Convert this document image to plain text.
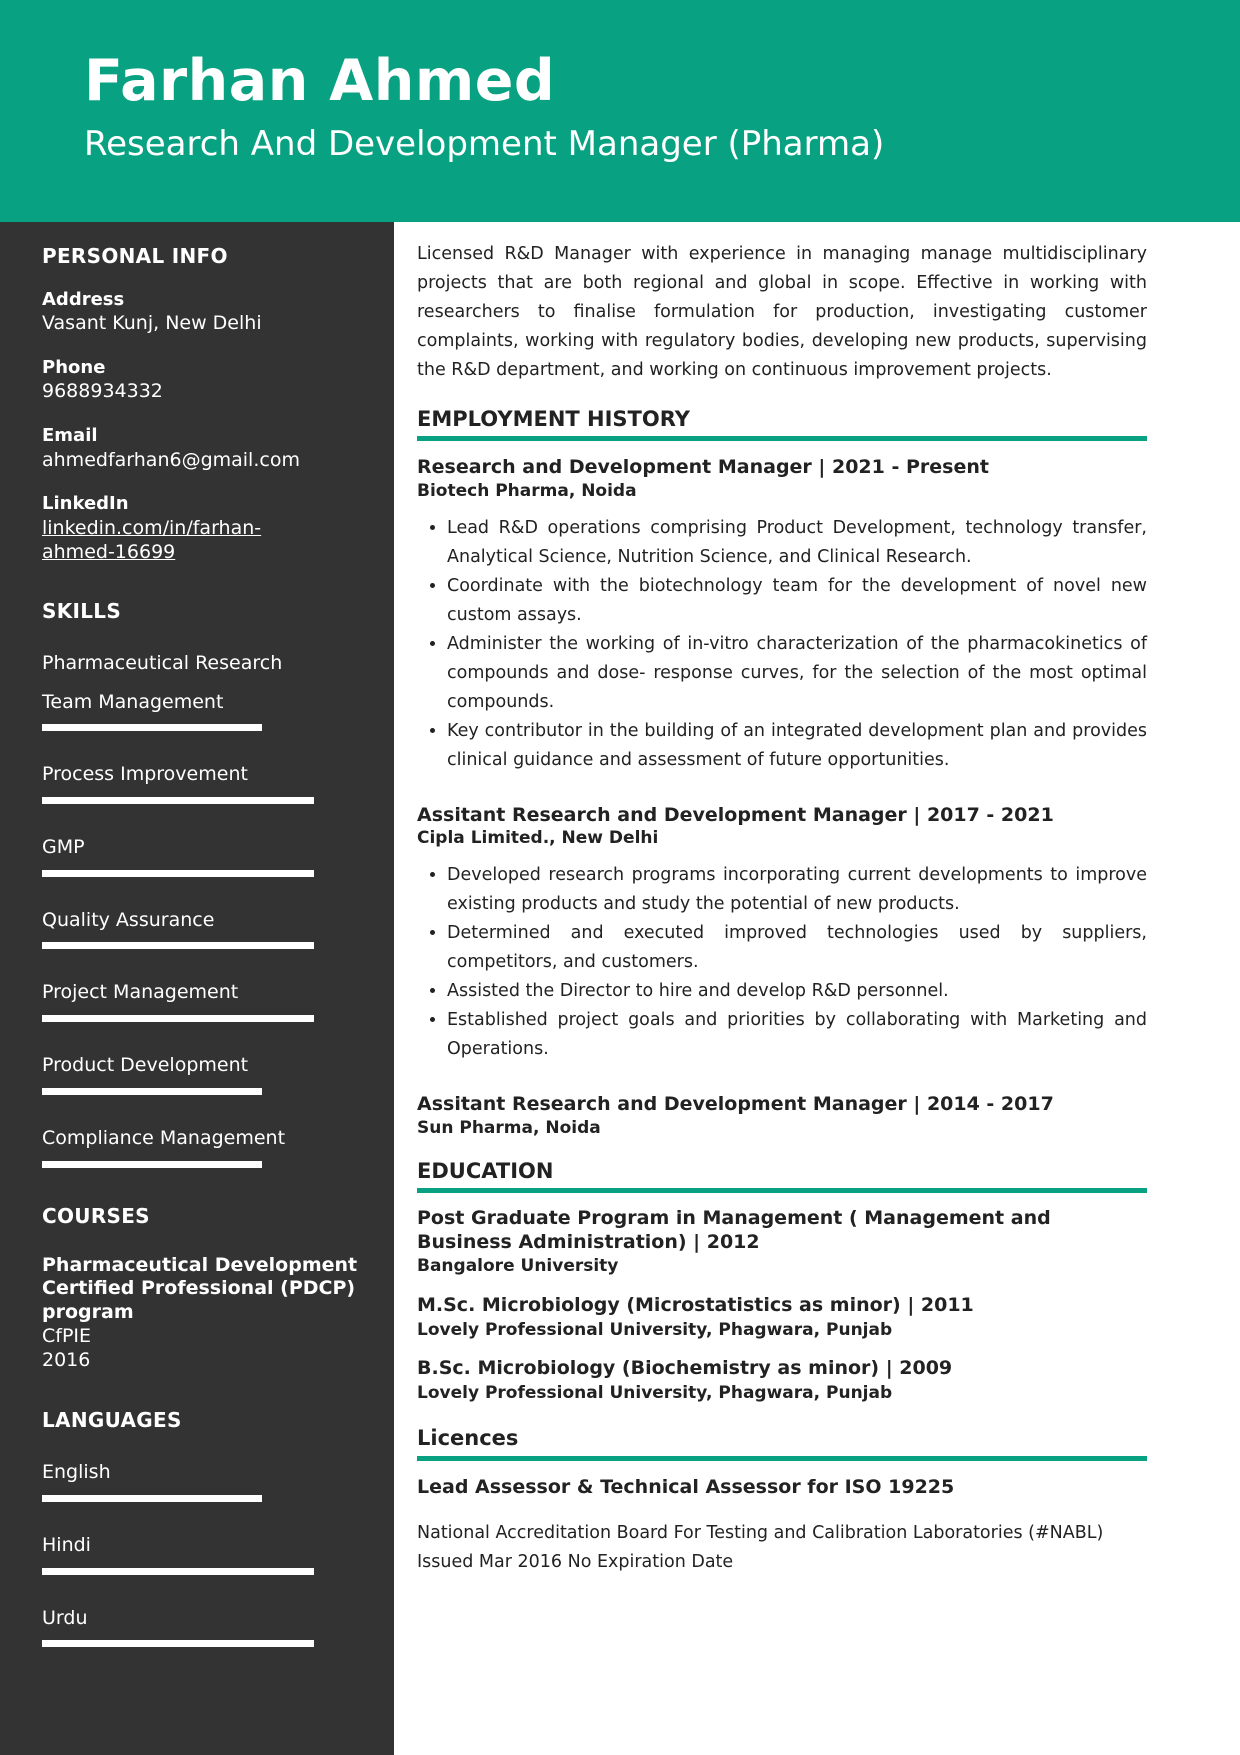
Farhan Ahmed
Research And Development Manager (Pharma)
PERSONAL INFO
Address
Vasant Kunj, New Delhi
Phone
9688934332
Email
ahmedfarhan6@gmail.com
LinkedIn
linkedin.com/in/farhan-
ahmed-16699
SKILLS
Pharmaceutical Research
Team Management
Process Improvement
GMP
Quality Assurance
Project Management
Product Development
Compliance Management
COURSES
Pharmaceutical Development
Certified Professional (PDCP)
program
CfPIE
2016
LANGUAGES
English
Hindi
Urdu

Licensed R&D Manager with experience in managing manage multidisciplinary projects that are both regional and global in scope. Effective in working with researchers to finalise formulation for production, investigating customer complaints, working with regulatory bodies, developing new products, supervising the R&D department, and working on continuous improvement projects.

EMPLOYMENT HISTORY
Research and Development Manager | 2021 - Present
Biotech Pharma, Noida
• Lead R&D operations comprising Product Development, technology transfer, Analytical Science, Nutrition Science, and Clinical Research.
• Coordinate with the biotechnology team for the development of novel new custom assays.
• Administer the working of in-vitro characterization of the pharmacokinetics of compounds and dose- response curves, for the selection of the most optimal compounds.
• Key contributor in the building of an integrated development plan and provides clinical guidance and assessment of future opportunities.
Assitant Research and Development Manager | 2017 - 2021
Cipla Limited., New Delhi
• Developed research programs incorporating current developments to improve existing products and study the potential of new products.
• Determined and executed improved technologies used by suppliers, competitors, and customers.
• Assisted the Director to hire and develop R&D personnel.
• Established project goals and priorities by collaborating with Marketing and Operations.
Assitant Research and Development Manager | 2014 - 2017
Sun Pharma, Noida
EDUCATION
Post Graduate Program in Management ( Management and Business Administration) | 2012
Bangalore University
M.Sc. Microbiology (Microstatistics as minor) | 2011
Lovely Professional University, Phagwara, Punjab
B.Sc. Microbiology (Biochemistry as minor) | 2009
Lovely Professional University, Phagwara, Punjab
Licences
Lead Assessor & Technical Assessor for ISO 19225
National Accreditation Board For Testing and Calibration Laboratories (#NABL)
Issued Mar 2016 No Expiration Date
